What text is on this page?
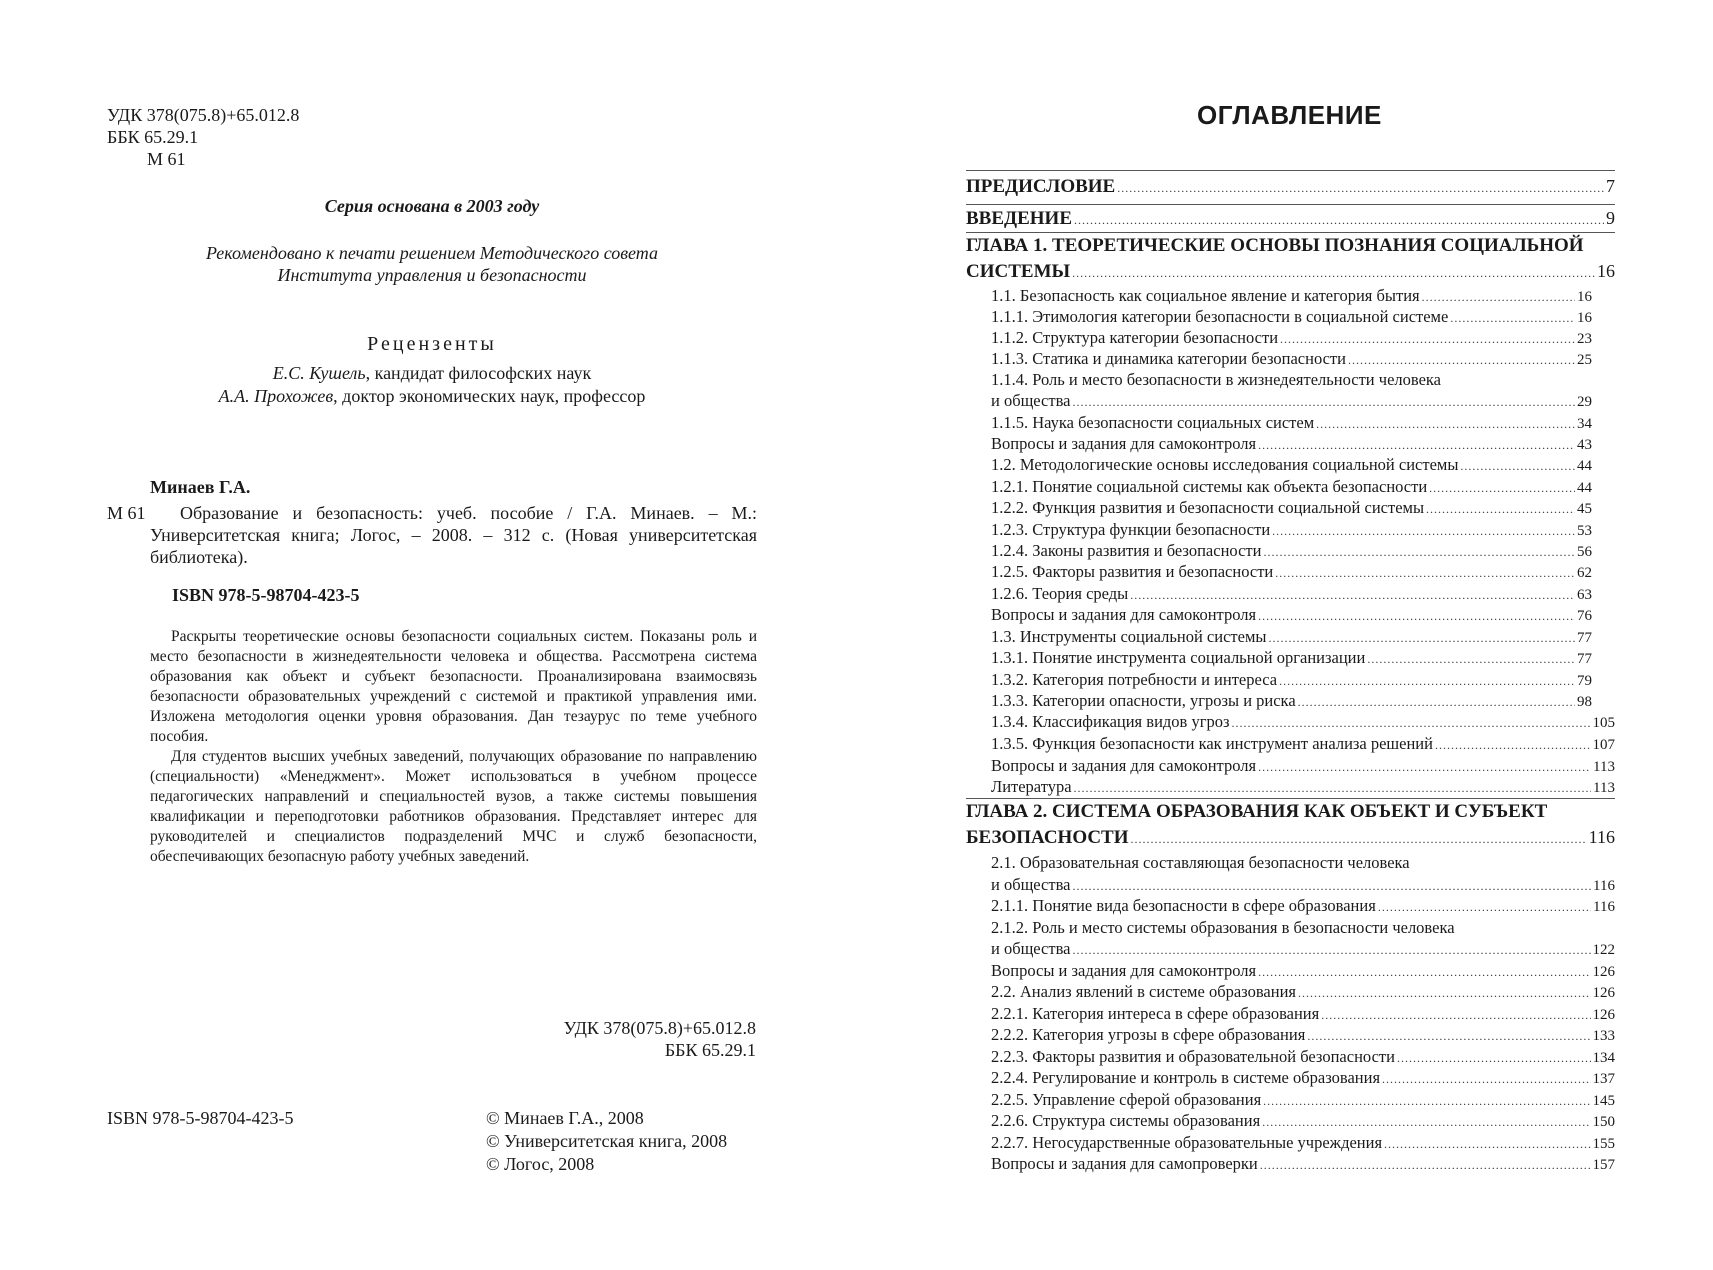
УДК 378(075.8)+65.012.8
ББК 65.29.1
М 61
Серия основана в 2003 году
Рекомендовано к печати решением Методического совета
Института управления и безопасности
Рецензенты
Е.С. Кушель, кандидат философских наук
А.А. Прохожев, доктор экономических наук, профессор
Минаев Г.А.
М 61	Образование и безопасность: учеб. пособие / Г.А. Минаев. – М.:
Университетская книга; Логос, – 2008. – 312 с. (Новая университетская библиотека).
ISBN 978-5-98704-423-5

Раскрыты теоретические основы безопасности социальных систем. Показаны роль и место безопасности в жизнедеятельности человека и общества. Рассмотрена система образования как объект и субъект безопасности. Проанализирована взаимосвязь безопасности образовательных учреждений с системой и практикой управления ими. Изложена методология оценки уровня образования. Дан тезаурус по теме учебного пособия.

Для студентов высших учебных заведений, получающих образование по направлению (специальности) «Менеджмент». Может использоваться в учебном процессе педагогических направлений и специальностей вузов, а также системы повышения квалификации и переподготовки работников образования. Представляет интерес для руководителей и специалистов подразделений МЧС и служб безопасности, обеспечивающих безопасную работу учебных заведений.

УДК 378(075.8)+65.012.8
ББК 65.29.1
ISBN 978-5-98704-423-5	© Минаев Г.А., 2008
© Университетская книга, 2008
© Логос, 2008
ОГЛАВЛЕНИЕ
ПРЕДИСЛОВИЕ .....	7
ВВЕДЕНИЕ .....	9
ГЛАВА 1. ТЕОРЕТИЧЕСКИЕ ОСНОВЫ ПОЗНАНИЯ СОЦИАЛЬНОЙ
СИСТЕМЫ .....	16
1.1. Безопасность как социальное явление и категория бытия .....	16
1.1.1. Этимология категории безопасности в социальной системе .....	16
1.1.2. Структура категории безопасности .....	23
1.1.3. Статика и динамика категории безопасности .....	25
1.1.4. Роль и место безопасности в жизнедеятельности человека
и общества .....	29
1.1.5. Наука безопасности социальных систем .....	34
Вопросы и задания для самоконтроля .....	43
1.2. Методологические основы исследования социальной системы .....	44
1.2.1. Понятие социальной системы как объекта безопасности .....	44
1.2.2. Функция развития и безопасности социальной системы .....	45
1.2.3. Структура функции безопасности .....	53
1.2.4. Законы развития и безопасности .....	56
1.2.5. Факторы развития и безопасности .....	62
1.2.6. Теория среды .....	63
Вопросы и задания для самоконтроля .....	76
1.3. Инструменты социальной системы .....	77
1.3.1. Понятие инструмента социальной организации .....	77
1.3.2. Категория потребности и интереса .....	79
1.3.3. Категории опасности, угрозы и риска .....	98
1.3.4. Классификация видов угроз .....	105
1.3.5. Функция безопасности как инструмент анализа решений .....	107
Вопросы и задания для самоконтроля .....	113
Литература .....	113
ГЛАВА 2. СИСТЕМА ОБРАЗОВАНИЯ КАК ОБЪЕКТ И СУБЪЕКТ
БЕЗОПАСНОСТИ .....	116
2.1. Образовательная составляющая безопасности человека
и общества .....	116
2.1.1. Понятие вида безопасности в сфере образования .....	116
2.1.2. Роль и место системы образования в безопасности человека
и общества .....	122
Вопросы и задания для самоконтроля .....	126
2.2. Анализ явлений в системе образования .....	126
2.2.1. Категория интереса в сфере образования .....	126
2.2.2. Категория угрозы в сфере образования .....	133
2.2.3. Факторы развития и образовательной безопасности .....	134
2.2.4. Регулирование и контроль в системе образования .....	137
2.2.5. Управление сферой образования .....	145
2.2.6. Структура системы образования .....	150
2.2.7. Негосударственные образовательные учреждения .....	155
Вопросы и задания для самопроверки .....	157
